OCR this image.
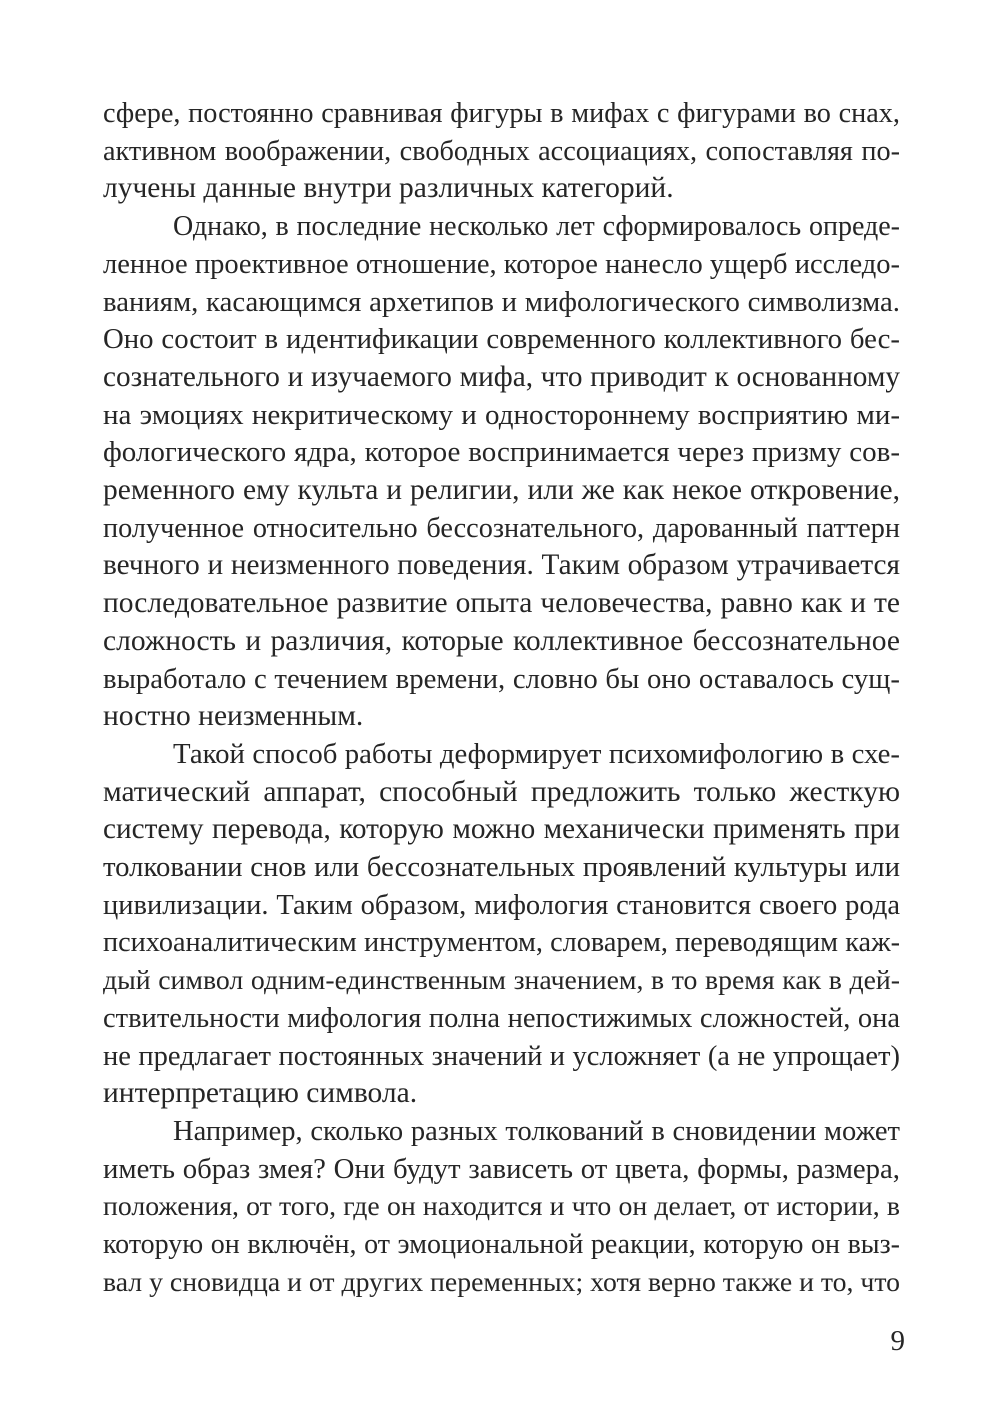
сфере, постоянно сравнивая фигуры в мифах с фигурами во снах,
активном воображении, свободных ассоциациях, сопоставляя по-
лучены данные внутри различных категорий.

Однако, в последние несколько лет сформировалось опреде-
ленное проективное отношение, которое нанесло ущерб исследо-
ваниям, касающимся архетипов и мифологического символизма.
Оно состоит в идентификации современного коллективного бес-
сознательного и изучаемого мифа, что приводит к основанному
на эмоциях некритическому и одностороннему восприятию ми-
фологического ядра, которое воспринимается через призму сов-
ременного ему культа и религии, или же как некое откровение,
полученное относительно бессознательного, дарованный паттерн
вечного и неизменного поведения. Таким образом утрачивается
последовательное развитие опыта человечества, равно как и те
сложность и различия, которые коллективное бессознательное
выработало с течением времени, словно бы оно оставалось сущ-
ностно неизменным.

Такой способ работы деформирует психомифологию в схе-
матический аппарат, способный предложить только жесткую
систему перевода, которую можно механически применять при
толковании снов или бессознательных проявлений культуры или
цивилизации. Таким образом, мифология становится своего рода
психоаналитическим инструментом, словарем, переводящим каж-
дый символ одним-единственным значением, в то время как в дей-
ствительности мифология полна непостижимых сложностей, она
не предлагает постоянных значений и усложняет (а не упрощает)
интерпретацию символа.

Например, сколько разных толкований в сновидении может
иметь образ змея? Они будут зависеть от цвета, формы, размера,
положения, от того, где он находится и что он делает, от истории, в
которую он включён, от эмоциональной реакции, которую он выз-
вал у сновидца и от других переменных; хотя верно также и то, что

9
